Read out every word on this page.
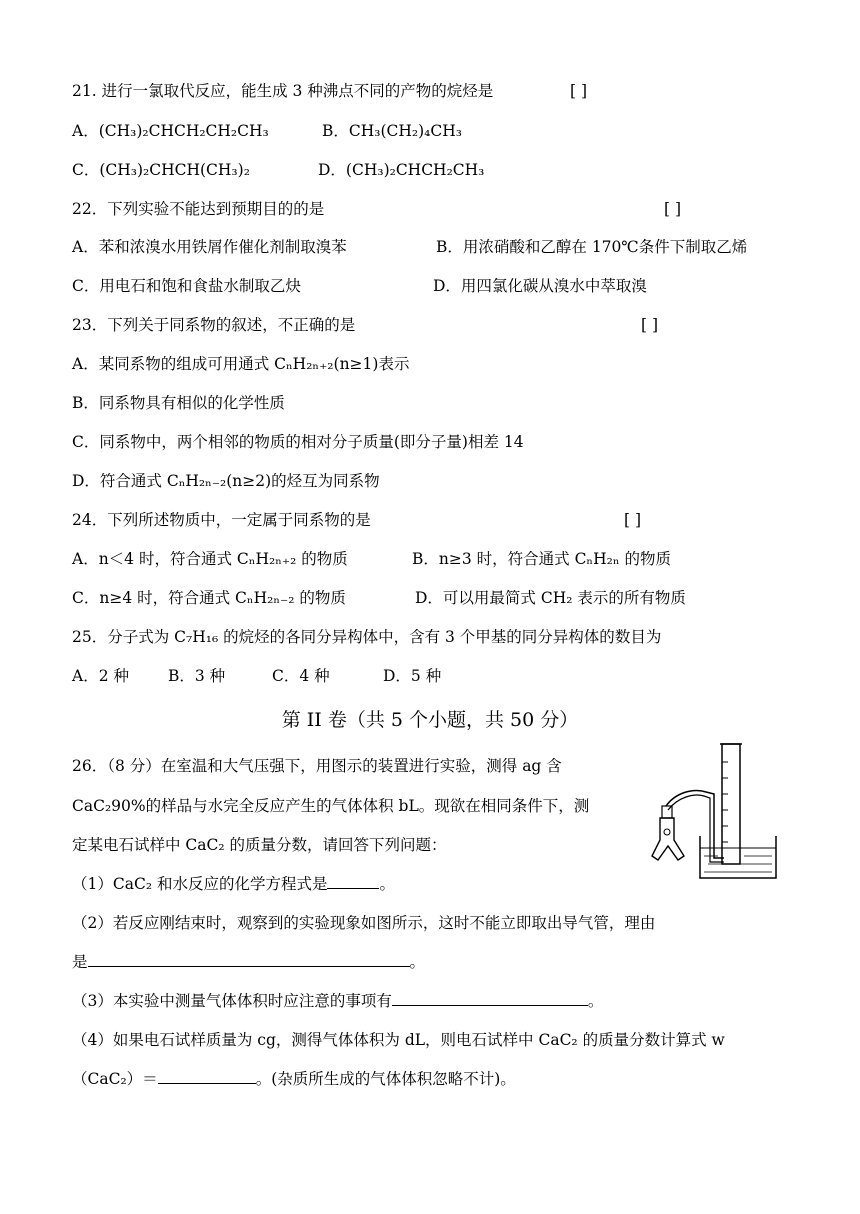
21. 进行一氯取代反应，能生成 3 种沸点不同的产物的烷烃是	[ ]
A．(CH₃)₂CHCH₂CH₂CH₃	B．CH₃(CH₂)₄CH₃
C．(CH₃)₂CHCH(CH₃)₂	D．(CH₃)₂CHCH₂CH₃
22．下列实验不能达到预期目的的是	[ ]
A．苯和浓溴水用铁屑作催化剂制取溴苯	B．用浓硝酸和乙醇在 170℃条件下制取乙烯
C．用电石和饱和食盐水制取乙炔	D．用四氯化碳从溴水中萃取溴
23．下列关于同系物的叙述，不正确的是	[ ]
A．某同系物的组成可用通式 CₙH₂ₙ₊₂(n≥1)表示
B．同系物具有相似的化学性质
C．同系物中，两个相邻的物质的相对分子质量(即分子量)相差 14
D．符合通式 CₙH₂ₙ₋₂(n≥2)的烃互为同系物
24．下列所述物质中，一定属于同系物的是	[ ]
A．n＜4 时，符合通式 CₙH₂ₙ₊₂ 的物质	B．n≥3 时，符合通式 CₙH₂ₙ 的物质
C．n≥4 时，符合通式 CₙH₂ₙ₋₂ 的物质	D．可以用最简式 CH₂ 表示的所有物质
25．分子式为 C₇H₁₆ 的烷烃的各同分异构体中，含有 3 个甲基的同分异构体的数目为
A．2 种	B．3 种	C．4 种	D．5 种
第 II 卷（共 5 个小题，共 50 分）
26．（8 分）在室温和大气压强下，用图示的装置进行实验，测得 ag 含
CaC₂90%的样品与水完全反应产生的气体体积 bL。现欲在相同条件下，测
定某电石试样中 CaC₂ 的质量分数，请回答下列问题：
（1）CaC₂ 和水反应的化学方程式是	。
（2）若反应刚结束时，观察到的实验现象如图所示，这时不能立即取出导气管，理由
是	。
（3）本实验中测量气体体积时应注意的事项有	。
（4）如果电石试样质量为 cg，测得气体体积为 dL，则电石试样中 CaC₂ 的质量分数计算式 w
（CaC₂）＝	。(杂质所生成的气体体积忽略不计)。
